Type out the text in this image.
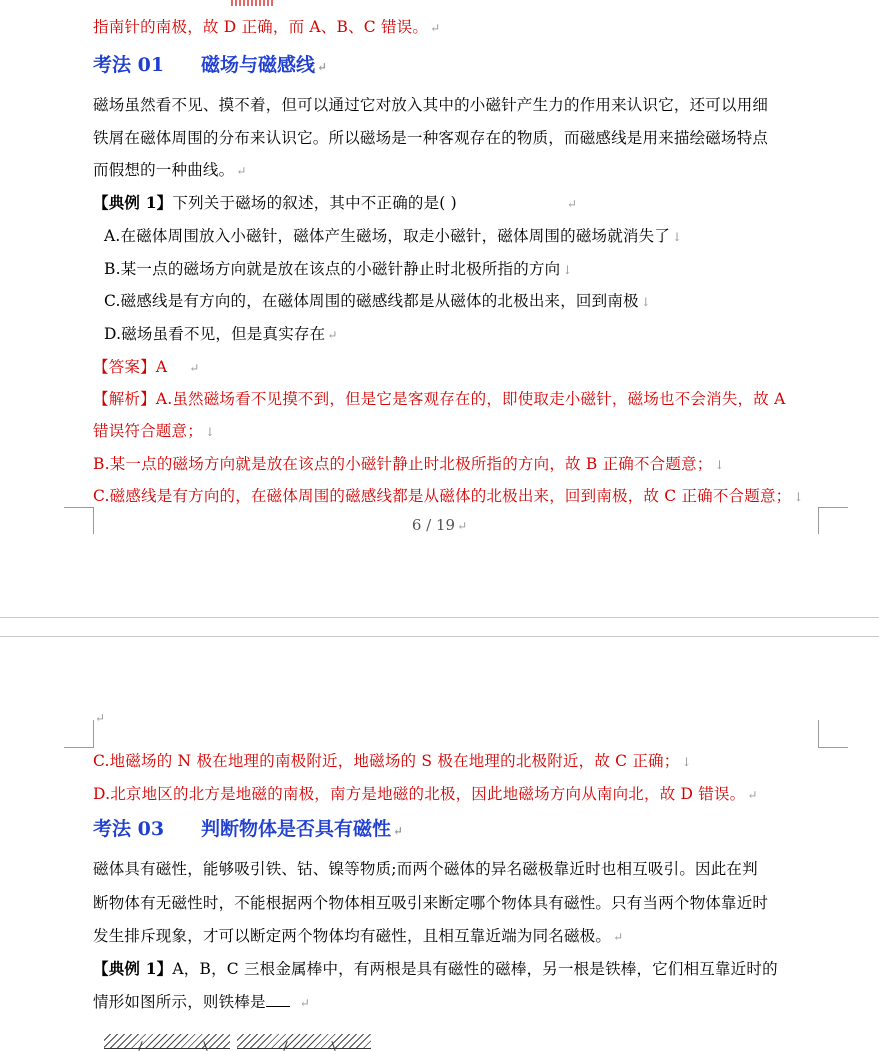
指南针的南极，故 D 正确，而 A、B、C 错误。 ↵
考法 01 磁场与磁感线 ↵
磁场虽然看不见、摸不着，但可以通过它对放入其中的小磁针产生力的作用来认识它，还可以用细
铁屑在磁体周围的分布来认识它。所以磁场是一种客观存在的物质，而磁感线是用来描绘磁场特点
而假想的一种曲线。 ↵
【典例 1】下列关于磁场的叙述，其中不正确的是( )	↵
A.在磁体周围放入小磁针，磁体产生磁场，取走小磁针，磁体周围的磁场就消失了 ↓
B.某一点的磁场方向就是放在该点的小磁针静止时北极所指的方向 ↓
C.磁感线是有方向的，在磁体周围的磁感线都是从磁体的北极出来，回到南极 ↓
D.磁场虽看不见，但是真实存在 ↵
【答案】A ↵
【解析】A.虽然磁场看不见摸不到，但是它是客观存在的，即使取走小磁针，磁场也不会消失，故 A
错误符合题意； ↓
B.某一点的磁场方向就是放在该点的小磁针静止时北极所指的方向，故 B 正确不合题意； ↓
C.磁感线是有方向的，在磁体周围的磁感线都是从磁体的北极出来，回到南极，故 C 正确不合题意； ↓
6 / 19 ↵
↵
C.地磁场的 N 极在地理的南极附近，地磁场的 S 极在地理的北极附近，故 C 正确； ↓
D.北京地区的北方是地磁的南极，南方是地磁的北极，因此地磁场方向从南向北，故 D 错误。 ↵
考法 03 判断物体是否具有磁性 ↵
磁体具有磁性，能够吸引铁、钴、镍等物质;而两个磁体的异名磁极靠近时也相互吸引。因此在判
断物体有无磁性时，不能根据两个物体相互吸引来断定哪个物体具有磁性。只有当两个物体靠近时
发生排斥现象，才可以断定两个物体均有磁性，且相互靠近端为同名磁极。 ↵
【典例 1】A，B，C 三根金属棒中，有两根是具有磁性的磁棒，另一根是铁棒，它们相互靠近时的
情形如图所示，则铁棒是	↵
